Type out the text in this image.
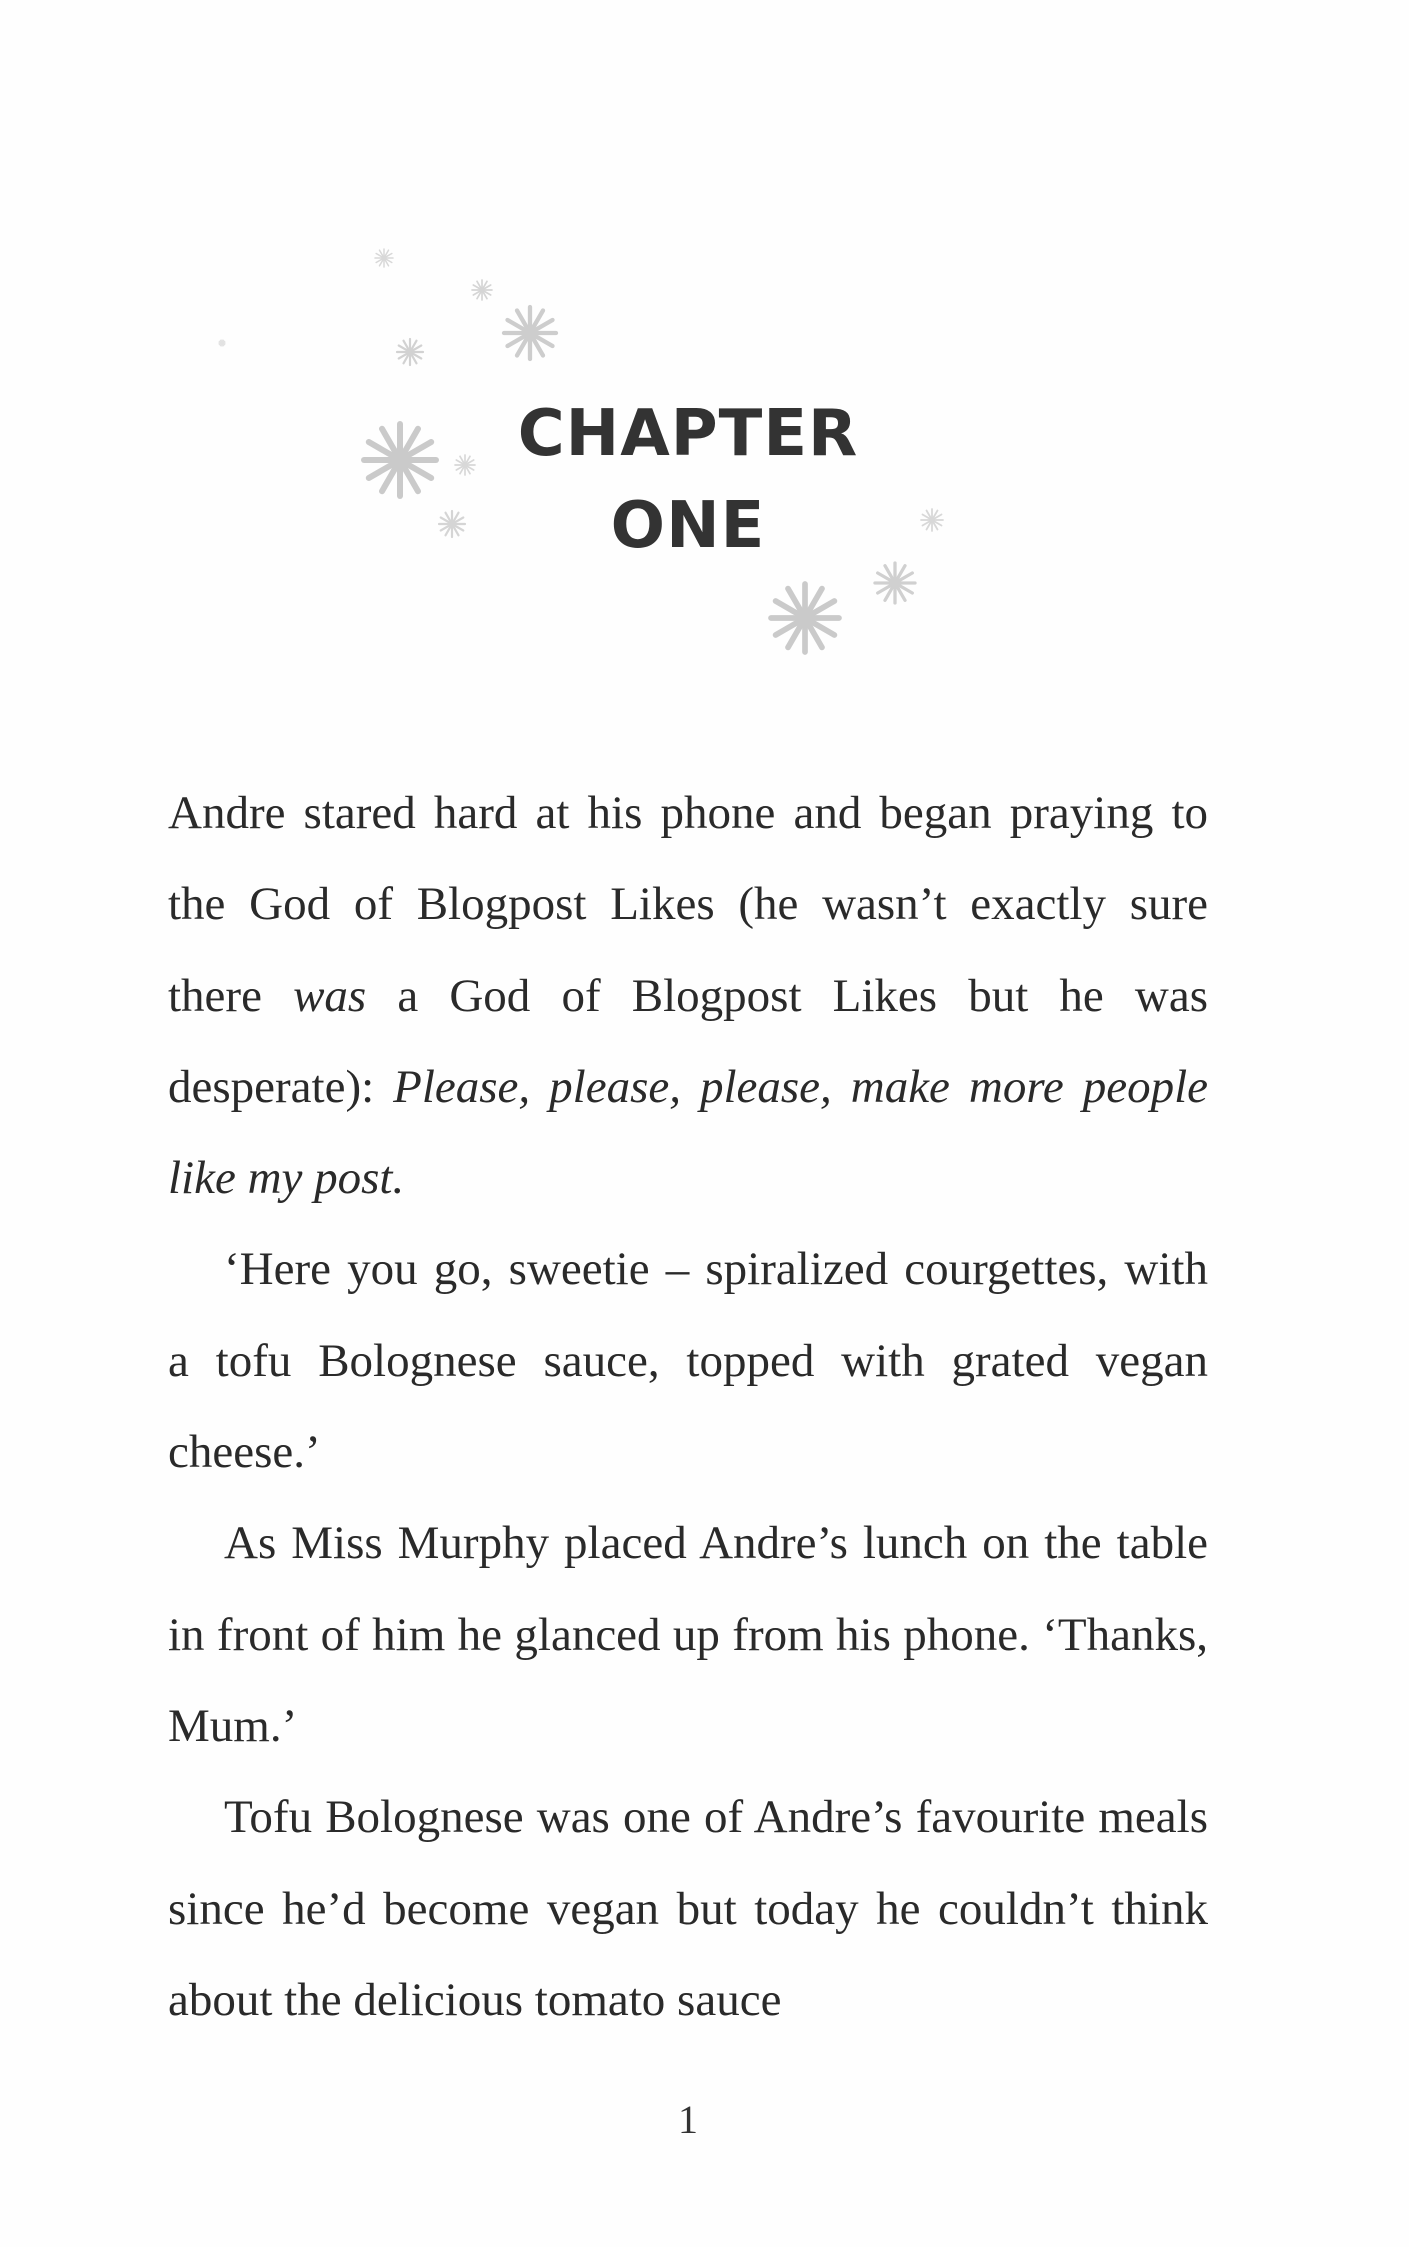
CHAPTER
ONE

Andre stared hard at his phone and began praying to the God of Blogpost Likes (he wasn’t exactly sure there was a God of Blogpost Likes but he was desperate): Please, please, please, make more people like my post.

‘Here you go, sweetie – spiralized courgettes, with a tofu Bolognese sauce, topped with grated vegan cheese.’

As Miss Murphy placed Andre’s lunch on the table in front of him he glanced up from his phone. ‘Thanks, Mum.’

Tofu Bolognese was one of Andre’s favourite meals since he’d become vegan but today he couldn’t think about the delicious tomato sauce

1
